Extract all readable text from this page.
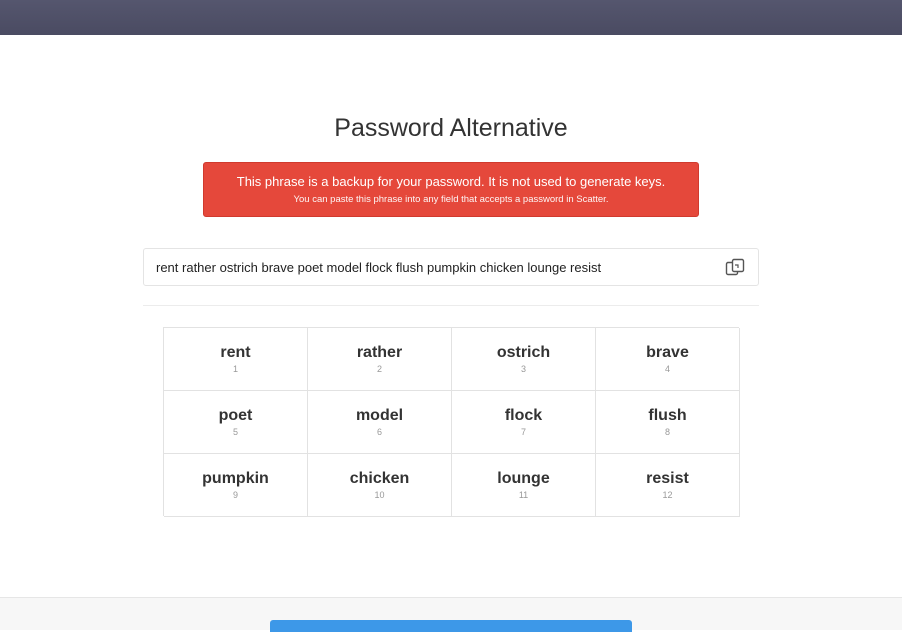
Password Alternative
This phrase is a backup for your password. It is not used to generate keys.
You can paste this phrase into any field that accepts a password in Scatter.
rent rather ostrich brave poet model flock flush pumpkin chicken lounge resist
rent
1
rather
2
ostrich
3
brave
4
poet
5
model
6
flock
7
flush
8
pumpkin
9
chicken
10
lounge
11
resist
12
